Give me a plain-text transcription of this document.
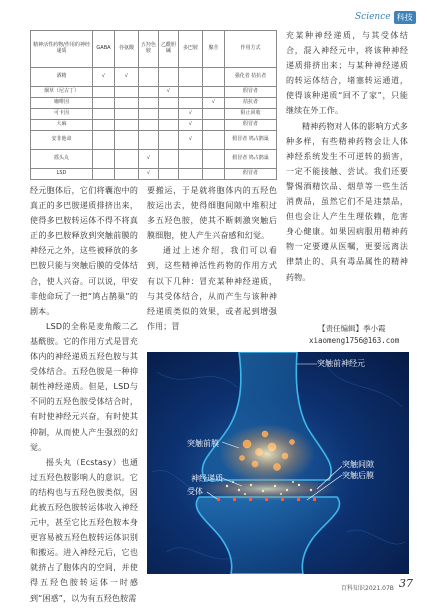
Science 科技
精神活性药物/作用的神经递质	GABA	谷氨酸	五羟色胺	乙酰胆碱	多巴胺	腺苷	作用方式
酒精	√	√					强化者 拮抗者
烟草（尼古丁）				√			假冒者
咖啡因						√	拮抗者
可卡因					√		阻止回收
大麻					√		假冒者
安非他命					√		假冒者 鸠占鹊巢
摇头丸			√				假冒者 鸠占鹊巢
LSD			√				假冒者

充某种神经递质，与其受体结合，混入神经元中，将该种神经递质排挤出来；与某种神经递质的转运体结合，堵塞转运通道，使得该种递质“回不了家”，只能继续在外工作。

精神药物对人体的影响方式多种多样，有些精神药物会让人体神经系统发生不可逆转的损害，一定不能接触、尝试。我们还要警惕酒精饮品、烟草等一些生活消费品，虽然它们不是违禁品，但也会让人产生生理依赖，危害身心健康。如果因病服用精神药物一定要遵从医嘱，更要远离法律禁止的、具有毒品属性的精神药物。

【责任编辑】季小霞
xiaomeng1756@163.com

要搬运，于是就将胞体内的五羟色胺运出去，使得细胞间隙中堆积过多五羟色胺，使其不断刺激突触后膜细胞，使人产生兴奋感和幻觉。

通过上述介绍，我们可以看到，这些精神活性药物的作用方式有以下几种：冒充某种神经递质，与其受体结合，从而产生与该种神经递质类似的效果，或者起到增强作用；冒

经元胞体后，它们将囊泡中的真正的多巴胺递质排挤出来，使得多巴胺转运体不得不将真正的多巴胺释放到突触前膜的神经元之外，这些被释放的多巴胺只能与突触后膜的受体结合，使人兴奋。可以说，甲安非他命玩了一把“鸠占鹊巢”的剧本。

LSD的全称是麦角酸二乙基酰胺。它的作用方式是冒充体内的神经递质五羟色胺与其受体结合。五羟色胺是一种抑制性神经递质。但是，LSD与不同的五羟色胺受体结合时，有时使神经元兴奋，有时使其抑制，从而使人产生强烈的幻觉。

摇头丸（Ecstasy）也通过五羟色胺影响人的意识。它的结构也与五羟色胺类似，因此被五羟色胺转运体收入神经元中，甚至它比五羟色胺本身更容易被五羟色胺转运体识别和搬运。进入神经元后，它也就挤占了胞体内的空间，并使得五羟色胺转运体一时感到“困惑”，以为有五羟色胺需

突触前神经元
突触前膜
神经递质
突触间隙
突触后膜
受体
百科知识2021.07B 37
